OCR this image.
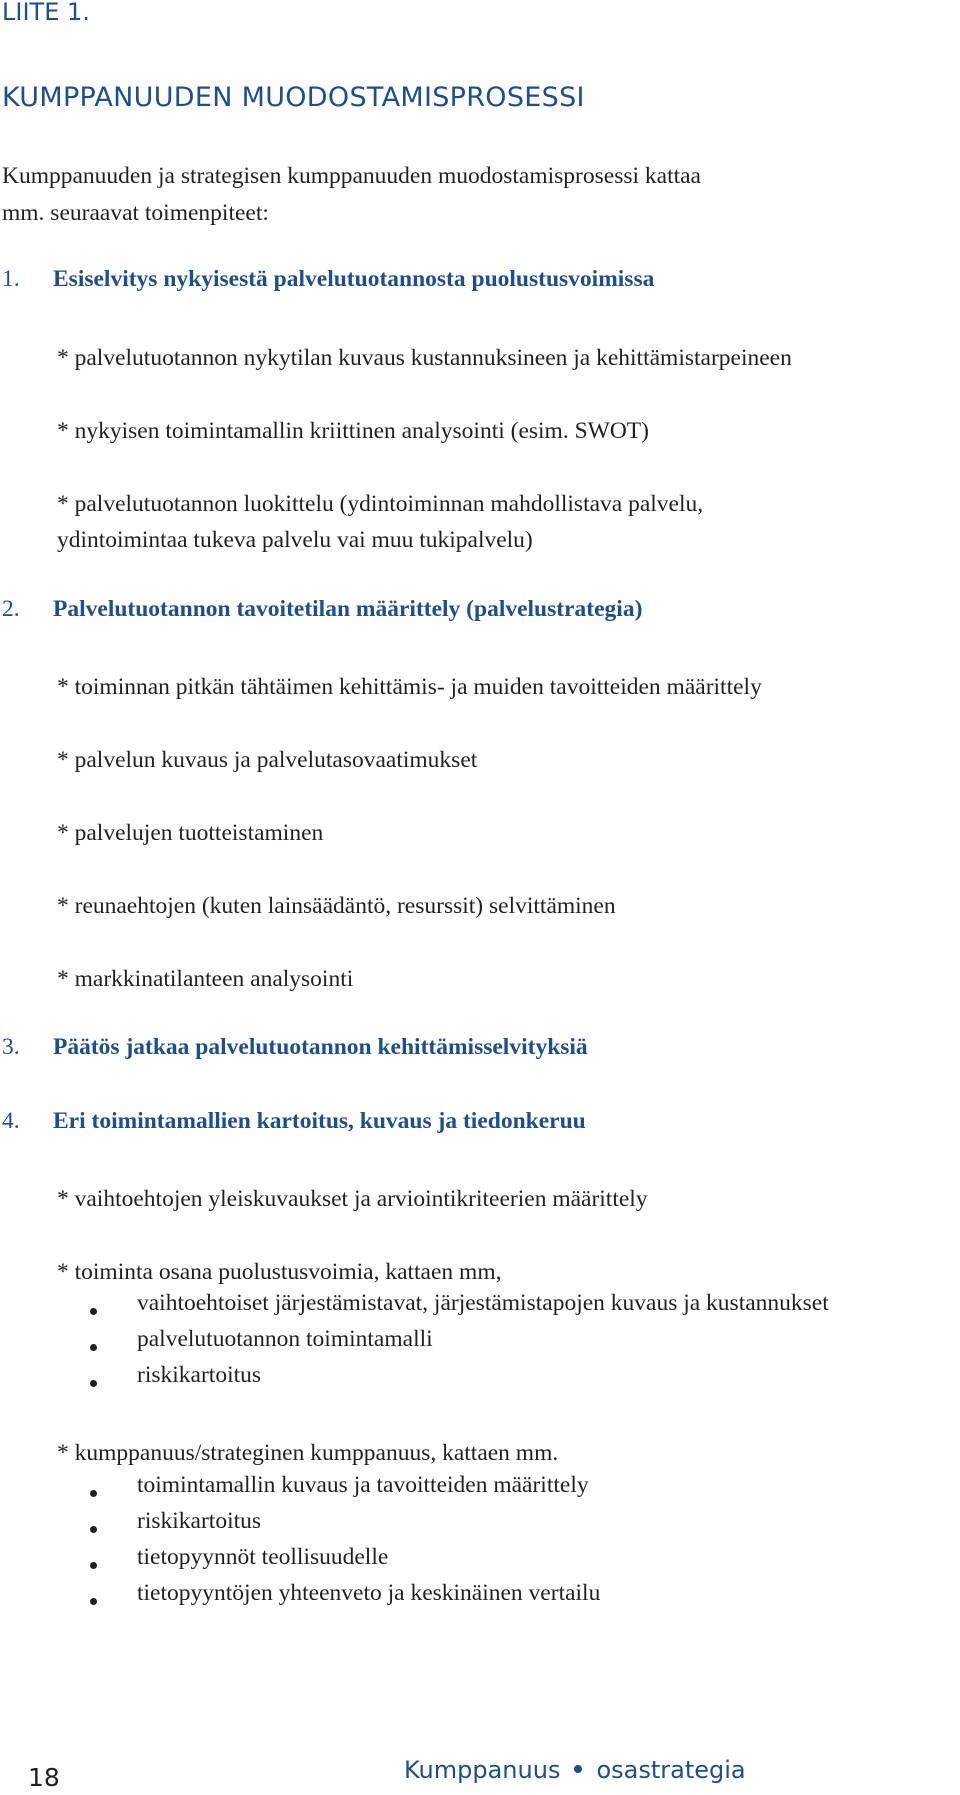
LIITE 1.
KUMPPANUUDEN MUODOSTAMISPROSESSI
Kumppanuuden ja strategisen kumppanuuden muodostamisprosessi kattaa
mm. seuraavat toimenpiteet:
1. Esiselvitys nykyisestä palvelutuotannosta puolustusvoimissa
* palvelutuotannon nykytilan kuvaus kustannuksineen ja kehittämistarpeineen
* nykyisen toimintamallin kriittinen analysointi (esim. SWOT)
* palvelutuotannon luokittelu (ydintoiminnan mahdollistava palvelu,
ydintoimintaa tukeva palvelu vai muu tukipalvelu)
2. Palvelutuotannon tavoitetilan määrittely (palvelustrategia)
* toiminnan pitkän tähtäimen kehittämis- ja muiden tavoitteiden määrittely
* palvelun kuvaus ja palvelutasovaatimukset
* palvelujen tuotteistaminen
* reunaehtojen (kuten lainsäädäntö, resurssit) selvittäminen
* markkinatilanteen analysointi
3. Päätös jatkaa palvelutuotannon kehittämisselvityksiä
4. Eri toimintamallien kartoitus, kuvaus ja tiedonkeruu
* vaihtoehtojen yleiskuvaukset ja arviointikriteerien määrittely
* toiminta osana puolustusvoimia, kattaen mm,
vaihtoehtoiset järjestämistavat, järjestämistapojen kuvaus ja kustannukset
palvelutuotannon toimintamalli
riskikartoitus
* kumppanuus/strateginen kumppanuus, kattaen mm.
toimintamallin kuvaus ja tavoitteiden määrittely
riskikartoitus
tietopyynnöt teollisuudelle
tietopyyntöjen yhteenveto ja keskinäinen vertailu
18	Kumppanuus osastrategia
